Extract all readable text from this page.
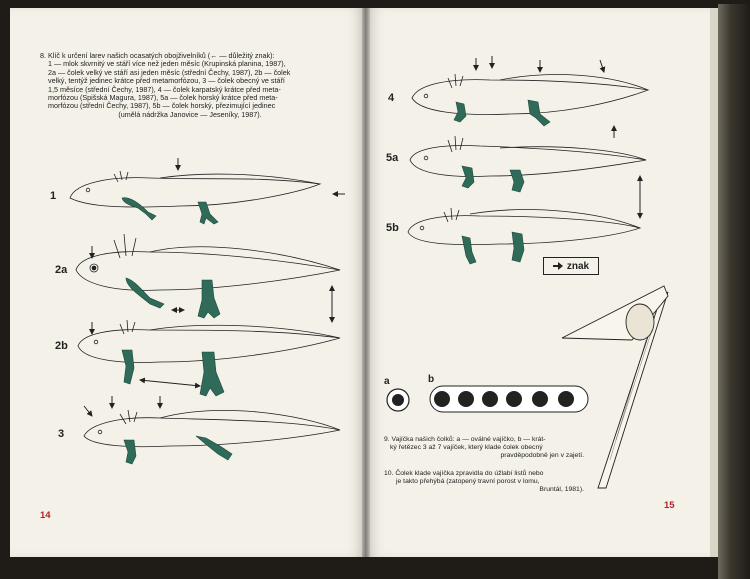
8. Klíč k určení larev našich ocasatých obojživelníků (← — důležitý znak):
1 — mlok skvrnitý ve stáří více než jeden měsíc (Krupinská planina, 1987),
2a — čolek velký ve stáří asi jeden měsíc (střední Čechy, 1987), 2b — čolek
velký, tentýž jedinec krátce před metamorfózou, 3 — čolek obecný ve stáří
1,5 měsíce (střední Čechy, 1987), 4 — čolek karpatský krátce před meta-
morfózou (Spišská Magura, 1987), 5a — čolek horský krátce před meta-
morfózou (střední Čechy, 1987), 5b — čolek horský, přezimující jedinec
(umělá nádržka Janovice — Jeseníky, 1987).
1
2a
2b
3
4
5a
5b
znak
a	b
9. Vajíčka našich čolků: a — oválné vajíčko, b — krát-
ký řetězec 3 až 7 vajíček, který klade čolek obecný
pravděpodobně jen v zajetí.
10. Čolek klade vajíčka zpravidla do úžlabí listů nebo
je takto přehýbá (zatopený travní porost v lomu,
Bruntál, 1981).
14
15
